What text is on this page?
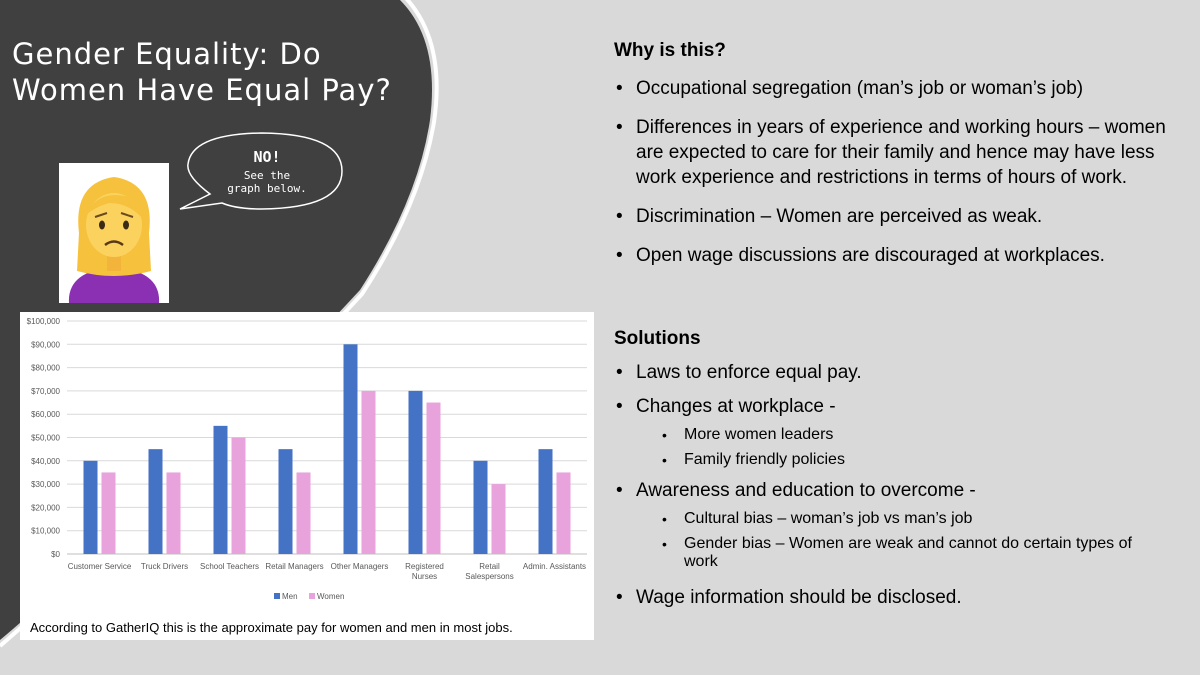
Gender Equality: Do Women Have Equal Pay?
NO!
See the
graph below.
$0
$10,000
$20,000
$30,000
$40,000
$50,000
$60,000
$70,000
$80,000
$90,000
$100,000
Customer Service Truck Drivers School Teachers Retail Managers Other Managers Registered
Nurses
Retail
Salespersons
Admin. Assistants
Men Women
According to GatherIQ this is the approximate pay for women and men in most jobs.

Why is this?

• Occupational segregation (man’s job or woman’s job)
• Differences in years of experience and working hours – women are expected to care for their family and hence may have less work experience and restrictions in terms of hours of work.
• Discrimination – Women are perceived as weak.
• Open wage discussions are discouraged at workplaces.

Solutions

• Laws to enforce equal pay.
• Changes at workplace -
• More women leaders
• Family friendly policies
• Awareness and education to overcome -
• Cultural bias – woman’s job vs man’s job
• Gender bias – Women are weak and cannot do certain types of work
• Wage information should be disclosed.
